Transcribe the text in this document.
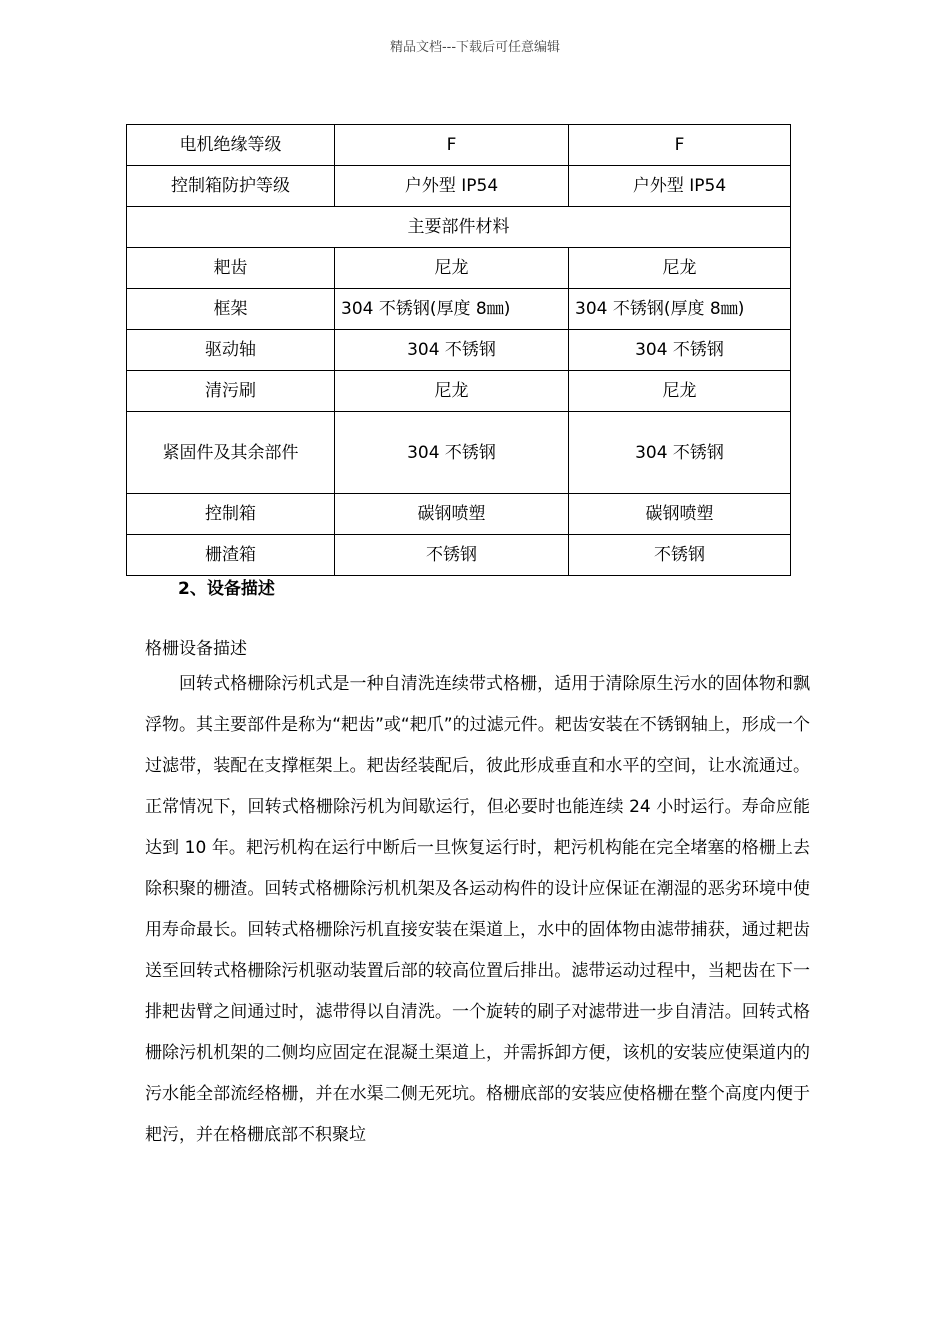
精品文档---下载后可任意编辑
电机绝缘等级	F	F
控制箱防护等级	户外型 IP54	户外型 IP54
主要部件材料		
耙齿	尼龙	尼龙
框架	304 不锈钢(厚度 8㎜)	304 不锈钢(厚度 8㎜)
驱动轴	304 不锈钢	304 不锈钢
清污刷	尼龙	尼龙
紧固件及其余部件	304 不锈钢	304 不锈钢
控制箱	碳钢喷塑	碳钢喷塑
栅渣箱	不锈钢	不锈钢
2、设备描述
格栅设备描述

回转式格栅除污机式是一种自清洗连续带式格栅，适用于清除原生污水的固体物和飘浮物。其主要部件是称为“耙齿”或“耙爪”的过滤元件。耙齿安装在不锈钢轴上，形成一个过滤带，装配在支撑框架上。耙齿经装配后，彼此形成垂直和水平的空间，让水流通过。正常情况下，回转式格栅除污机为间歇运行，但必要时也能连续 24 小时运行。寿命应能达到 10 年。耙污机构在运行中断后一旦恢复运行时，耙污机构能在完全堵塞的格栅上去除积聚的栅渣。回转式格栅除污机机架及各运动构件的设计应保证在潮湿的恶劣环境中使用寿命最长。回转式格栅除污机直接安装在渠道上，水中的固体物由滤带捕获，通过耙齿送至回转式格栅除污机驱动装置后部的较高位置后排出。滤带运动过程中，当耙齿在下一排耙齿臂之间通过时，滤带得以自清洗。一个旋转的刷子对滤带进一步自清洁。回转式格栅除污机机架的二侧均应固定在混凝土渠道上，并需拆卸方便，该机的安装应使渠道内的污水能全部流经格栅，并在水渠二侧无死坑。格栅底部的安装应使格栅在整个高度内便于耙污，并在格栅底部不积聚垃
